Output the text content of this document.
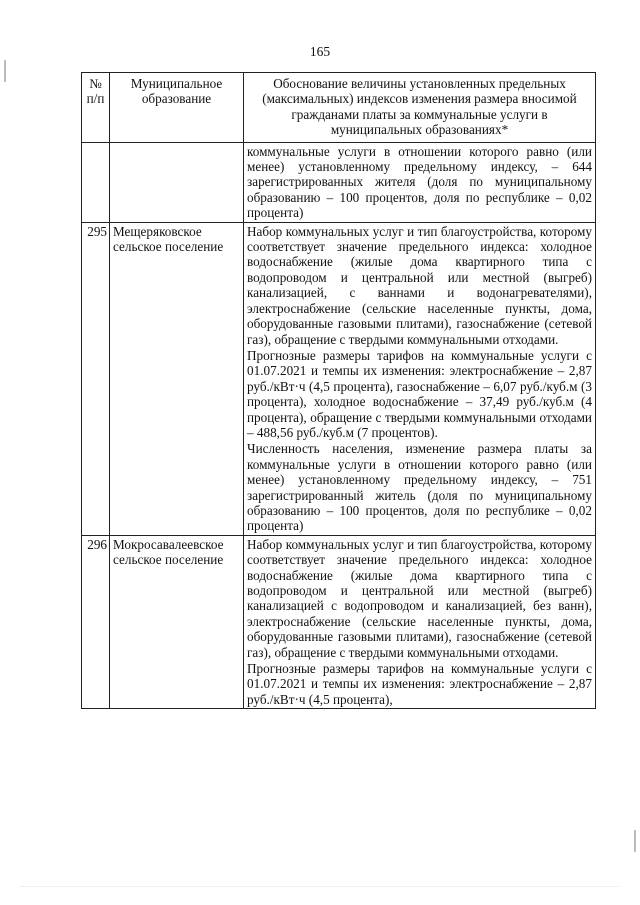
165
№ п/п	Муниципальное образование	Обоснование величины установленных предельных (максимальных) индексов изменения размера вносимой гражданами платы за коммунальные услуги в муниципальных образованиях*

		коммунальные услуги в отношении которого равно (или менее) установленному предельному индексу, – 644 зарегистрированных жителя (доля по муниципальному образованию – 100 процентов, доля по республике – 0,02 процента)

295	Мещеряковское сельское поселение	Набор коммунальных услуг и тип благоустройства, которому соответствует значение предельного индекса: холодное водоснабжение (жилые дома квартирного типа с водопроводом и центральной или местной (выгреб) канализацией, с ваннами и водонагревателями), электроснабжение (сельские населенные пункты, дома, оборудованные газовыми плитами), газоснабжение (сетевой газ), обращение с твердыми коммунальными отходами.

Прогнозные размеры тарифов на коммунальные услуги с 01.07.2021 и темпы их изменения: электроснабжение – 2,87 руб./кВт·ч (4,5 процента), газоснабжение – 6,07 руб./куб.м (3 процента), холодное водоснабжение – 37,49 руб./куб.м (4 процента), обращение с твердыми коммунальными отходами – 488,56 руб./куб.м (7 процентов).

Численность населения, изменение размера платы за коммунальные услуги в отношении которого равно (или менее) установленному предельному индексу, – 751 зарегистрированный житель (доля по муниципальному образованию – 100 процентов, доля по республике – 0,02 процента)

296	Мокросавалеевское сельское поселение	Набор коммунальных услуг и тип благоустройства, которому соответствует значение предельного индекса: холодное водоснабжение (жилые дома квартирного типа с водопроводом и центральной или местной (выгреб) канализацией с водопроводом и канализацией, без ванн), электроснабжение (сельские населенные пункты, дома, оборудованные газовыми плитами), газоснабжение (сетевой газ), обращение с твердыми коммунальными отходами.

Прогнозные размеры тарифов на коммунальные услуги с 01.07.2021 и темпы их изменения: электроснабжение – 2,87 руб./кВт·ч (4,5 процента),
